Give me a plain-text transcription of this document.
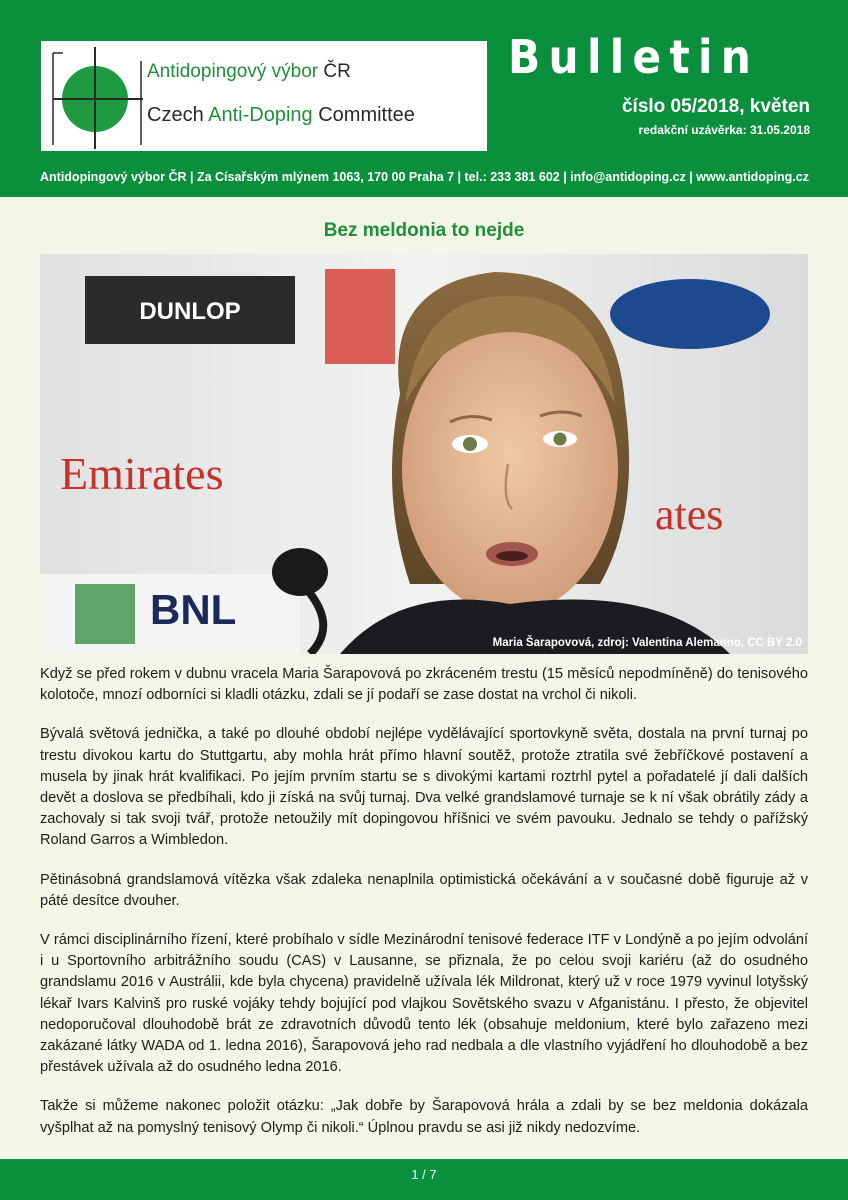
Antidopingový výbor ČR
Czech Anti-Doping Committee
Bulletin
číslo 05/2018, květen
redakční uzávěrka: 31.05.2018
Antidopingový výbor ČR | Za Císařským mlýnem 1063, 170 00 Praha 7 | tel.: 233 381 602 | info@antidoping.cz | www.antidoping.cz
Bez meldonia to nejde
DUNLOP
Emirates
ates
BNL
Maria Šarapovová, zdroj: Valentina Alemanno, CC BY 2.0

Když se před rokem v dubnu vracela Maria Šarapovová po zkráceném trestu (15 měsíců nepodmíněně) do tenisového kolotoče, mnozí odborníci si kladli otázku, zdali se jí podaří se zase dostat na vrchol či nikoli.

Bývalá světová jednička, a také po dlouhé období nejlépe vydělávající sportovkyně světa, dostala na první turnaj po trestu divokou kartu do Stuttgartu, aby mohla hrát přímo hlavní soutěž, protože ztratila své žebříčkové postavení a musela by jinak hrát kvalifikaci. Po jejím prvním startu se s divokými kartami roztrhl pytel a pořadatelé jí dali dalších devět a doslova se předbíhali, kdo ji získá na svůj turnaj. Dva velké grandslamové turnaje se k ní však obrátily zády a zachovaly si tak svoji tvář, protože netoužily mít dopingovou hříšnici ve svém pavouku. Jednalo se tehdy o pařížský Roland Garros a Wimbledon.

Pětinásobná grandslamová vítězka však zdaleka nenaplnila optimistická očekávání a v současné době figuruje až v páté desítce dvouher.

V rámci disciplinárního řízení, které probíhalo v sídle Mezinárodní tenisové federace ITF v Londýně a po jejím odvolání i u Sportovního arbitrážního soudu (CAS) v Lausanne, se přiznala, že po celou svoji kariéru (až do osudného grandslamu 2016 v Austrálii, kde byla chycena) pravidelně užívala lék Mildronat, který už v roce 1979 vyvinul lotyšský lékař Ivars Kalvinš pro ruské vojáky tehdy bojující pod vlajkou Sovětského svazu v Afganistánu. I přesto, že objevitel nedoporučoval dlouhodobě brát ze zdravotních důvodů tento lék (obsahuje meldonium, které bylo zařazeno mezi zakázané látky WADA od 1. ledna 2016), Šarapovová jeho rad nedbala a dle vlastního vyjádření ho dlouhodobě a bez přestávek užívala až do osudného ledna 2016.

Takže si můžeme nakonec položit otázku: „Jak dobře by Šarapovová hrála a zdali by se bez meldonia dokázala vyšplhat až na pomyslný tenisový Olymp či nikoli.“ Úplnou pravdu se asi již nikdy nedozvíme.

1 / 7
